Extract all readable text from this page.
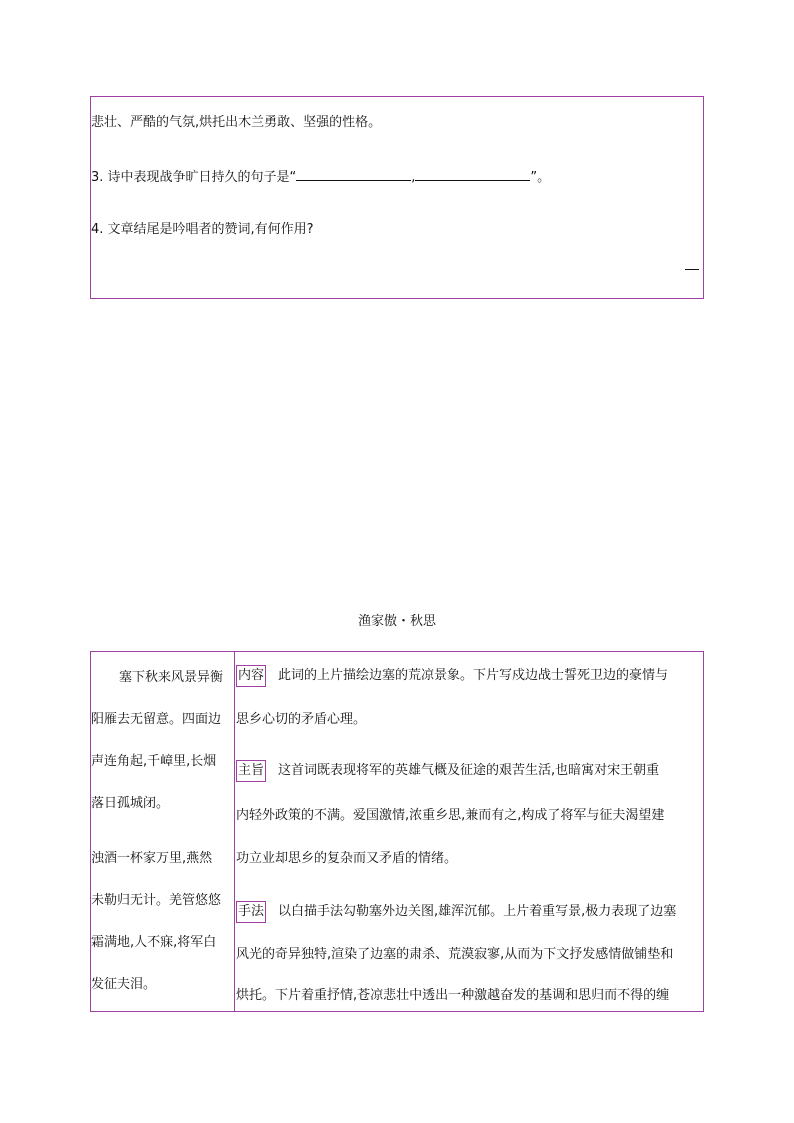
悲壮、严酷的气氛,烘托出木兰勇敢、坚强的性格。
3. 诗中表现战争旷日持久的句子是“	,	”。
4. 文章结尾是吟唱者的赞词,有何作用?
渔家傲・秋思
塞下秋来风景异衡
阳雁去无留意。四面边
声连角起,千嶂里,长烟
落日孤城闭。
浊酒一杯家万里,燕然
未勒归无计。羌管悠悠
霜满地,人不寐,将军白
发征夫泪。
内容 此词的上片描绘边塞的荒凉景象。下片写戍边战士誓死卫边的豪情与
思乡心切的矛盾心理。
主旨 这首词既表现将军的英雄气概及征途的艰苦生活,也暗寓对宋王朝重
内轻外政策的不满。爱国激情,浓重乡思,兼而有之,构成了将军与征夫渴望建
功立业却思乡的复杂而又矛盾的情绪。
手法 以白描手法勾勒塞外边关图,雄浑沉郁。上片着重写景,极力表现了边塞
风光的奇异独特,渲染了边塞的肃杀、荒漠寂寥,从而为下文抒发感情做铺垫和
烘托。下片着重抒情,苍凉悲壮中透出一种激越奋发的基调和思归而不得的缠
